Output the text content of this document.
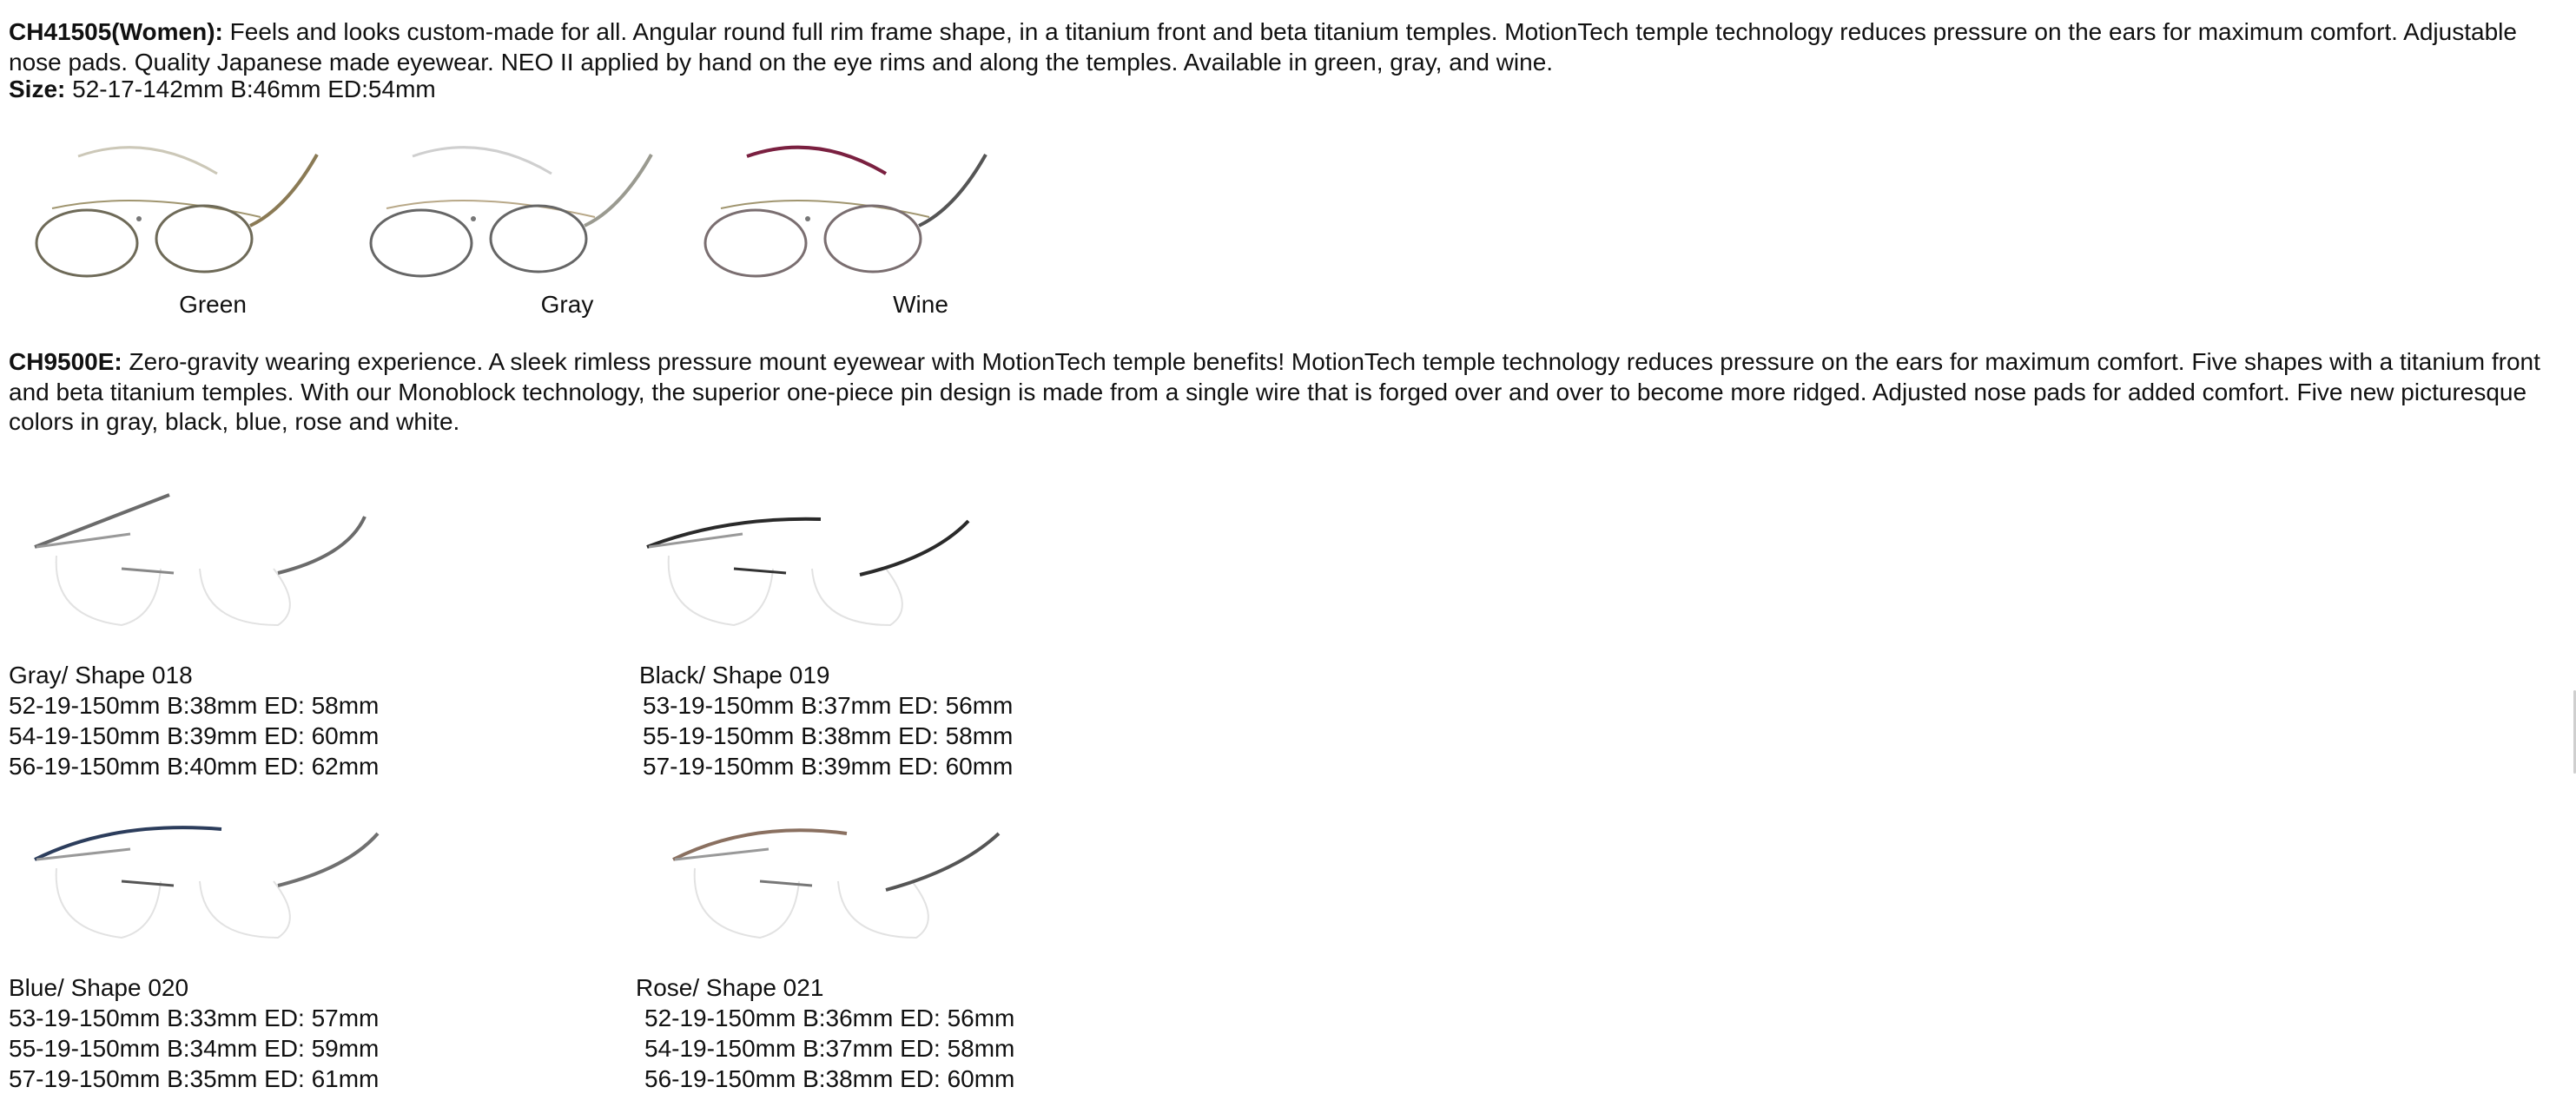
CH41505(Women): Feels and looks custom-made for all. Angular round full rim frame shape, in a titanium front and beta titanium temples. MotionTech temple technology reduces pressure on the ears for maximum comfort. Adjustable nose pads. Quality Japanese made eyewear. NEO II applied by hand on the eye rims and along the temples. Available in green, gray, and wine.

Size: 52-17-142mm B:46mm ED:54mm

Green	Gray	Wine

CH9500E: Zero-gravity wearing experience. A sleek rimless pressure mount eyewear with MotionTech temple benefits! MotionTech temple technology reduces pressure on the ears for maximum comfort. Five shapes with a titanium front and beta titanium temples. With our Monoblock technology, the superior one-piece pin design is made from a single wire that is forged over and over to become more ridged. Adjusted nose pads for added comfort. Five new picturesque colors in gray, black, blue, rose and white.

Gray/ Shape 018
52-19-150mm B:38mm ED: 58mm
54-19-150mm B:39mm ED: 60mm
56-19-150mm B:40mm ED: 62mm
Black/ Shape 019
53-19-150mm B:37mm ED: 56mm
55-19-150mm B:38mm ED: 58mm
57-19-150mm B:39mm ED: 60mm
Blue/ Shape 020
53-19-150mm B:33mm ED: 57mm
55-19-150mm B:34mm ED: 59mm
57-19-150mm B:35mm ED: 61mm
Rose/ Shape 021
52-19-150mm B:36mm ED: 56mm
54-19-150mm B:37mm ED: 58mm
56-19-150mm B:38mm ED: 60mm
